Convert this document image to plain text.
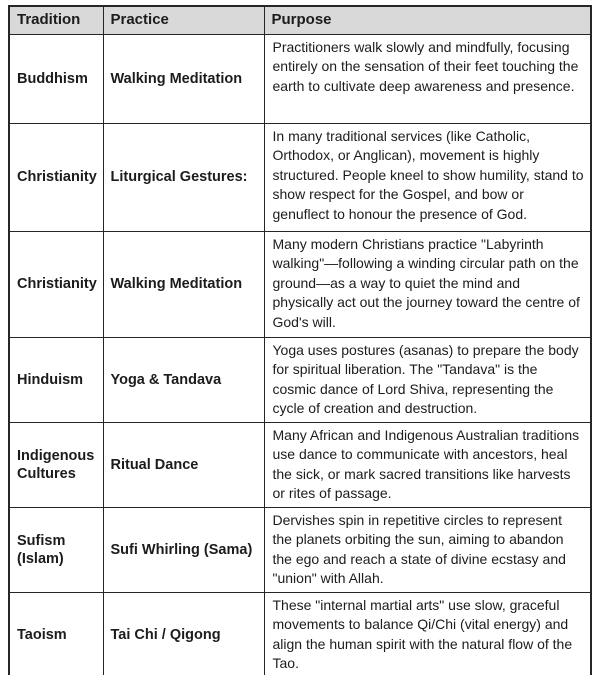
Tradition	Practice	Purpose
Buddhism	Walking Meditation	Practitioners walk slowly and mindfully, focusing entirely on the sensation of their feet touching the earth to cultivate deep awareness and presence.
Christianity	Liturgical Gestures:	In many traditional services (like Catholic, Orthodox, or Anglican), movement is highly structured. People kneel to show humility, stand to show respect for the Gospel, and bow or genuflect to honour the presence of God.
Christianity	Walking Meditation	Many modern Christians practice "Labyrinth walking"—following a winding circular path on the ground—as a way to quiet the mind and physically act out the journey toward the centre of God's will.
Hinduism	Yoga & Tandava	Yoga uses postures (asanas) to prepare the body for spiritual liberation. The "Tandava" is the cosmic dance of Lord Shiva, representing the cycle of creation and destruction.
Indigenous Cultures	Ritual Dance	Many African and Indigenous Australian traditions use dance to communicate with ancestors, heal the sick, or mark sacred transitions like harvests or rites of passage.
Sufism (Islam)	Sufi Whirling (Sama)	Dervishes spin in repetitive circles to represent the planets orbiting the sun, aiming to abandon the ego and reach a state of divine ecstasy and "union" with Allah.
Taoism	Tai Chi / Qigong	These "internal martial arts" use slow, graceful movements to balance Qi/Chi (vital energy) and align the human spirit with the natural flow of the Tao.
